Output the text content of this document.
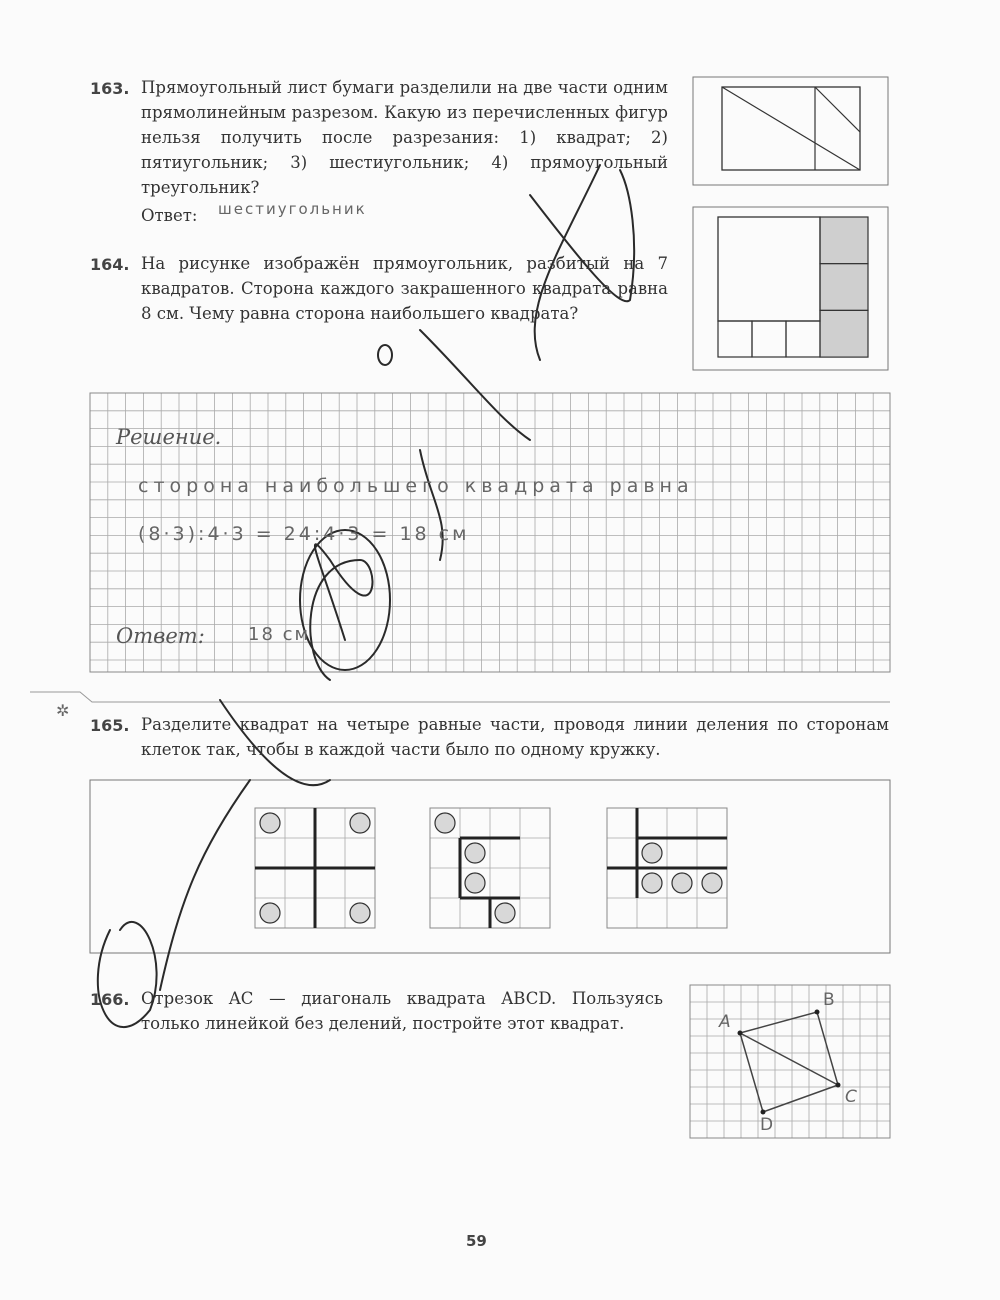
✲
163. Прямоугольный лист бумаги разделили на две части одним прямолинейным разрезом. Какую из перечисленных фигур нельзя получить после разрезания: 1) квадрат; 2) пятиугольник; 3) шестиугольник; 4) прямоугольный треугольник?
Ответ: шестиугольник
164. На рисунке изображён прямоугольник, разбитый на 7 квадратов. Сторона каждого закрашенного квадрата равна 8 см. Чему равна сторона наибольшего квадрата?
Решение.
сторона наибольшего квадрата равна
(8·3):4·3 = 24:4·3 = 18 см
Ответ: 18 см
165. Разделите квадрат на четыре равные части, проводя линии деления по сторонам клеток так, чтобы в каждой части было по одному кружку.
166. Отрезок AC — диагональ квадрата ABCD. Пользуясь только линейкой без делений, постройте этот квадрат.	A
B
C
D
59
